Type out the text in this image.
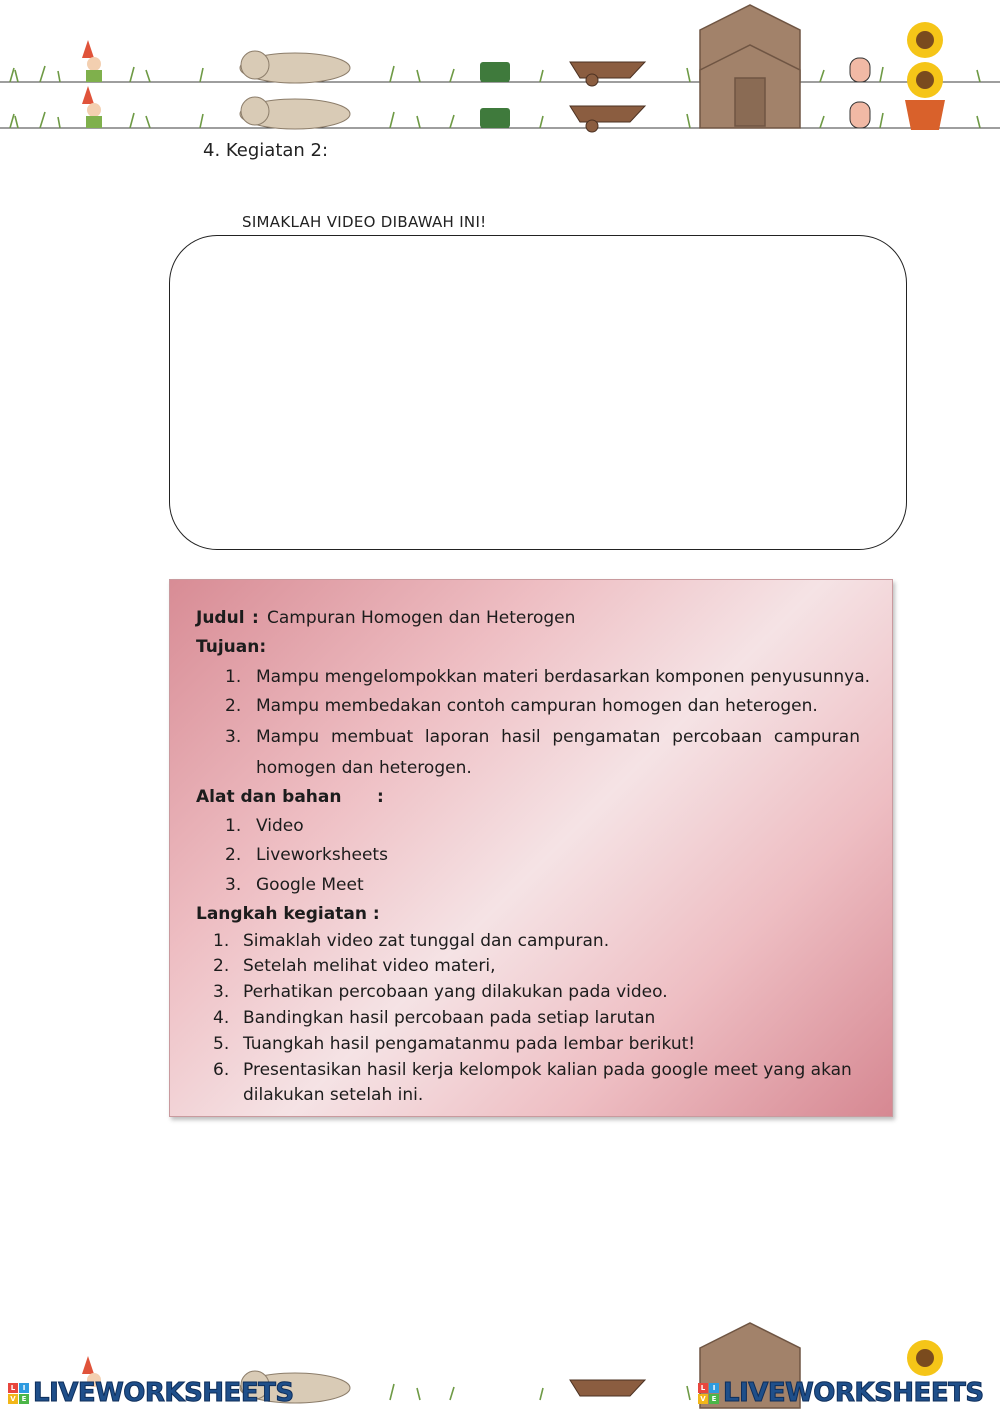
4. Kegiatan 2:
SIMAKLAH VIDEO DIBAWAH INI!
Judul : Campuran Homogen dan Heterogen
Tujuan:
1. Mampu mengelompokkan materi berdasarkan komponen penyusunnya.
2. Mampu membedakan contoh campuran homogen dan heterogen.
3. Mampu membuat laporan hasil pengamatan percobaan campuran
homogen dan heterogen.
Alat dan bahan :
1. Video
2. Liveworksheets
3. Google Meet
Langkah kegiatan :
1. Simaklah video zat tunggal dan campuran.
2. Setelah melihat video materi,
3. Perhatikan percobaan yang dilakukan pada video.
4. Bandingkan hasil percobaan pada setiap larutan
5. Tuangkah hasil pengamatanmu pada lembar berikut!
6. Presentasikan hasil kerja kelompok kalian pada google meet yang akan
dilakukan setelah ini.
L	I
V E LIVEWORKSHEETS	L	I
V E LIVEWORKSHEETS
